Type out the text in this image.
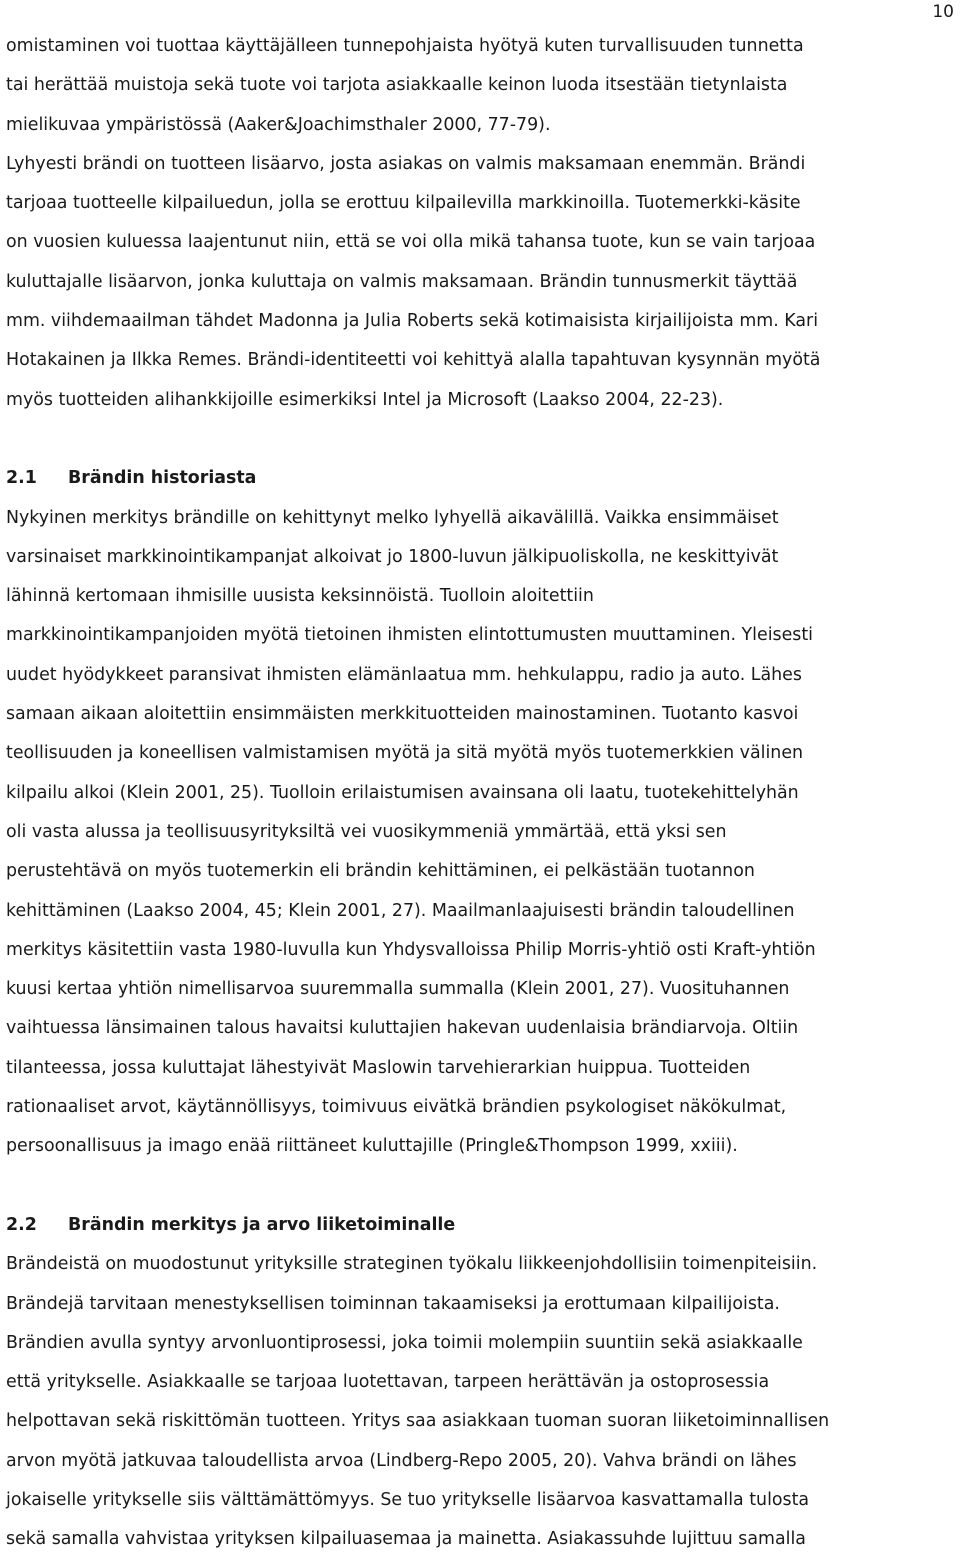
10

omistaminen voi tuottaa käyttäjälleen tunnepohjaista hyötyä kuten turvallisuuden tunnetta
tai herättää muistoja sekä tuote voi tarjota asiakkaalle keinon luoda itsestään tietynlaista
mielikuvaa ympäristössä (Aaker&Joachimsthaler 2000, 77-79).
Lyhyesti brändi on tuotteen lisäarvo, josta asiakas on valmis maksamaan enemmän. Brändi
tarjoaa tuotteelle kilpailuedun, jolla se erottuu kilpailevilla markkinoilla. Tuotemerkki-käsite
on vuosien kuluessa laajentunut niin, että se voi olla mikä tahansa tuote, kun se vain tarjoaa
kuluttajalle lisäarvon, jonka kuluttaja on valmis maksamaan. Brändin tunnusmerkit täyttää
mm. viihdemaailman tähdet Madonna ja Julia Roberts sekä kotimaisista kirjailijoista mm. Kari
Hotakainen ja Ilkka Remes. Brändi-identiteetti voi kehittyä alalla tapahtuvan kysynnän myötä
myös tuotteiden alihankkijoille esimerkiksi Intel ja Microsoft (Laakso 2004, 22-23).

2.1 Brändin historiasta

Nykyinen merkitys brändille on kehittynyt melko lyhyellä aikavälillä. Vaikka ensimmäiset
varsinaiset markkinointikampanjat alkoivat jo 1800-luvun jälkipuoliskolla, ne keskittyivät
lähinnä kertomaan ihmisille uusista keksinnöistä. Tuolloin aloitettiin
markkinointikampanjoiden myötä tietoinen ihmisten elintottumusten muuttaminen. Yleisesti
uudet hyödykkeet paransivat ihmisten elämänlaatua mm. hehkulappu, radio ja auto. Lähes
samaan aikaan aloitettiin ensimmäisten merkkituotteiden mainostaminen. Tuotanto kasvoi
teollisuuden ja koneellisen valmistamisen myötä ja sitä myötä myös tuotemerkkien välinen
kilpailu alkoi (Klein 2001, 25). Tuolloin erilaistumisen avainsana oli laatu, tuotekehittelyhän
oli vasta alussa ja teollisuusyrityksiltä vei vuosikymmeniä ymmärtää, että yksi sen
perustehtävä on myös tuotemerkin eli brändin kehittäminen, ei pelkästään tuotannon
kehittäminen (Laakso 2004, 45; Klein 2001, 27). Maailmanlaajuisesti brändin taloudellinen
merkitys käsitettiin vasta 1980-luvulla kun Yhdysvalloissa Philip Morris-yhtiö osti Kraft-yhtiön
kuusi kertaa yhtiön nimellisarvoa suuremmalla summalla (Klein 2001, 27). Vuosituhannen
vaihtuessa länsimainen talous havaitsi kuluttajien hakevan uudenlaisia brändiarvoja. Oltiin
tilanteessa, jossa kuluttajat lähestyivät Maslowin tarvehierarkian huippua. Tuotteiden
rationaaliset arvot, käytännöllisyys, toimivuus eivätkä brändien psykologiset näkökulmat,
persoonallisuus ja imago enää riittäneet kuluttajille (Pringle&Thompson 1999, xxiii).

2.2 Brändin merkitys ja arvo liiketoiminalle

Brändeistä on muodostunut yrityksille strateginen työkalu liikkeenjohdollisiin toimenpiteisiin.
Brändejä tarvitaan menestyksellisen toiminnan takaamiseksi ja erottumaan kilpailijoista.
Brändien avulla syntyy arvonluontiprosessi, joka toimii molempiin suuntiin sekä asiakkaalle
että yritykselle. Asiakkaalle se tarjoaa luotettavan, tarpeen herättävän ja ostoprosessia
helpottavan sekä riskittömän tuotteen. Yritys saa asiakkaan tuoman suoran liiketoiminnallisen
arvon myötä jatkuvaa taloudellista arvoa (Lindberg-Repo 2005, 20). Vahva brändi on lähes
jokaiselle yritykselle siis välttämättömyys. Se tuo yritykselle lisäarvoa kasvattamalla tulosta
sekä samalla vahvistaa yrityksen kilpailuasemaa ja mainetta. Asiakassuhde lujittuu samalla
